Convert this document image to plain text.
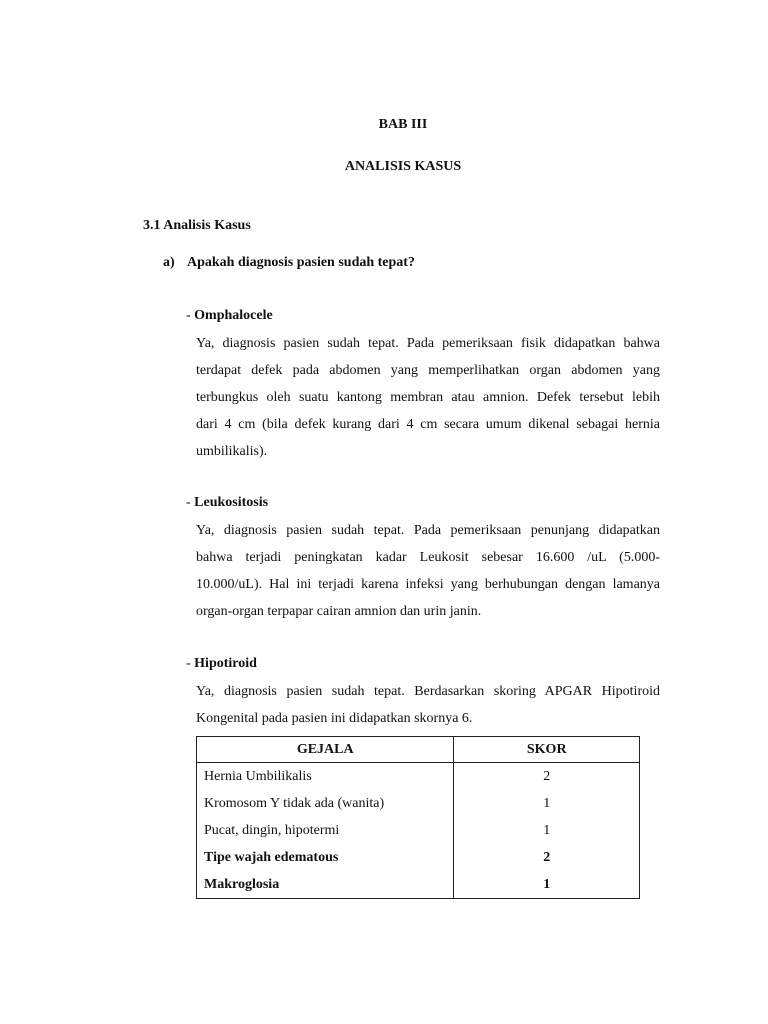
BAB III
ANALISIS KASUS
3.1 Analisis Kasus
a) Apakah diagnosis pasien sudah tepat?
- Omphalocele
Ya, diagnosis pasien sudah tepat. Pada pemeriksaan fisik didapatkan bahwa
terdapat defek pada abdomen yang memperlihatkan organ abdomen yang
terbungkus oleh suatu kantong membran atau amnion. Defek tersebut lebih
dari 4 cm (bila defek kurang dari 4 cm secara umum dikenal sebagai hernia
umbilikalis).
- Leukositosis
Ya, diagnosis pasien sudah tepat. Pada pemeriksaan penunjang didapatkan
bahwa terjadi peningkatan kadar Leukosit sebesar 16.600 /uL (5.000-
10.000/uL). Hal ini terjadi karena infeksi yang berhubungan dengan lamanya
organ-organ terpapar cairan amnion dan urin janin.
- Hipotiroid
Ya, diagnosis pasien sudah tepat. Berdasarkan skoring APGAR Hipotiroid
Kongenital pada pasien ini didapatkan skornya 6.
GEJALA	SKOR
Hernia Umbilikalis	2
Kromosom Y tidak ada (wanita)	1
Pucat, dingin, hipotermi	1
Tipe wajah edematous	2
Makroglosia	1
